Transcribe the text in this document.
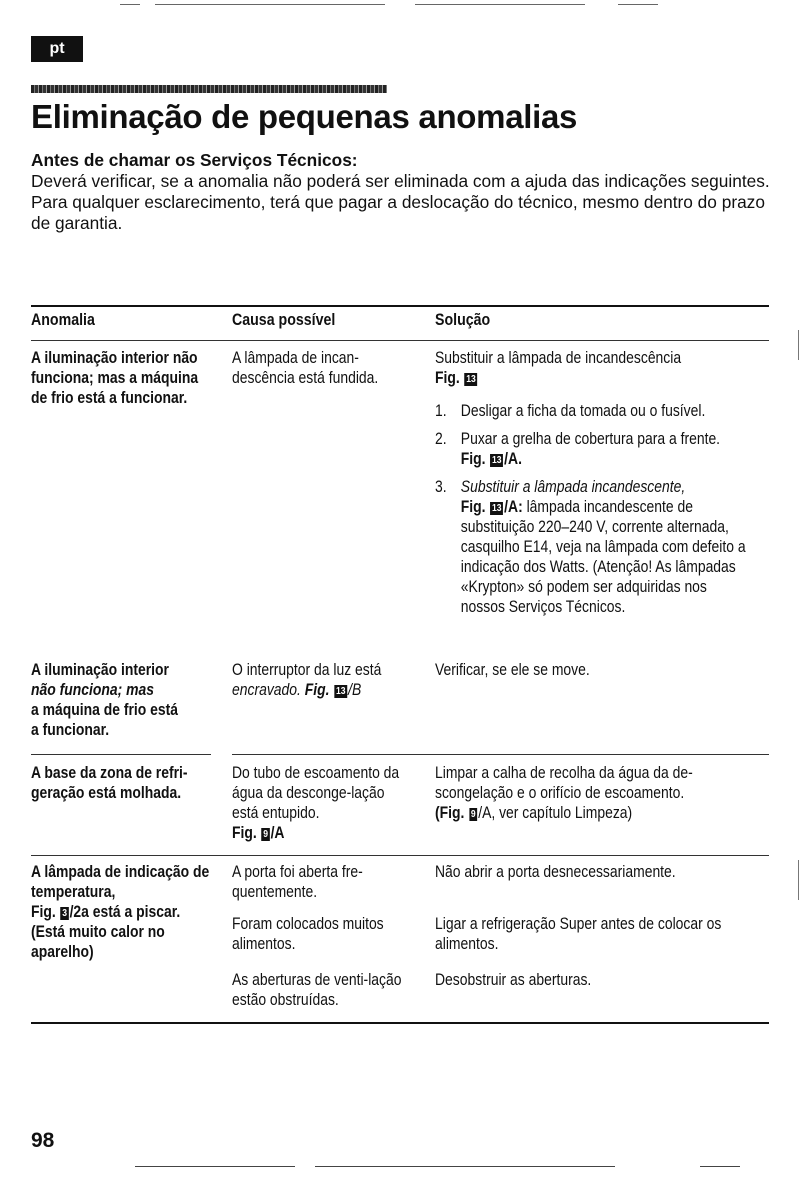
pt
Eliminação de pequenas anomalias

Antes de chamar os Serviços Técnicos:

Deverá verificar, se a anomalia não poderá ser eliminada com a ajuda das indicações seguintes.

Para qualquer esclarecimento, terá que pagar a deslocação do técnico, mesmo dentro do prazo de garantia.

Anomalia	Causa possível	Solução
A iluminação interior não funciona; mas a máquina de frio está a funcionar.
A lâmpada de incan-descência está fundida.
Substituir a lâmpada de incandescência
Fig. 13
1. Desligar a ficha da tomada ou o fusível.
2. Puxar a grelha de cobertura para a frente.
Fig. 13 /A.
3. Substituir a lâmpada incandescente,
Fig. 13 /A: lâmpada incandescente de substituição 220–240 V, corrente alternada, casquilho E14, veja na lâmpada com defeito a indicação dos Watts. (Atenção! As lâmpadas «Krypton» só podem ser adquiridas nos nossos Serviços Técnicos.
A iluminação interior
não funciona; mas
a máquina de frio está
a funcionar.
O interruptor da luz está
encravado. Fig. 13 /B
Verificar, se ele se move.
A base da zona de refri-geração está molhada.
Do tubo de escoamento da água da desconge-lação está entupido.
Fig. 9 /A
Limpar a calha de recolha da água da de-scongelação e o orifício de escoamento.
(Fig. 9 /A, ver capítulo Limpeza)
A lâmpada de indicação de temperatura,
Fig. 3 /2a está a piscar.
(Está muito calor no aparelho)
A porta foi aberta fre-quentemente.
Não abrir a porta desnecessariamente.
Foram colocados muitos alimentos.
Ligar a refrigeração Super antes de colocar os alimentos.
As aberturas de venti-lação estão obstruídas.
Desobstruir as aberturas.
98
